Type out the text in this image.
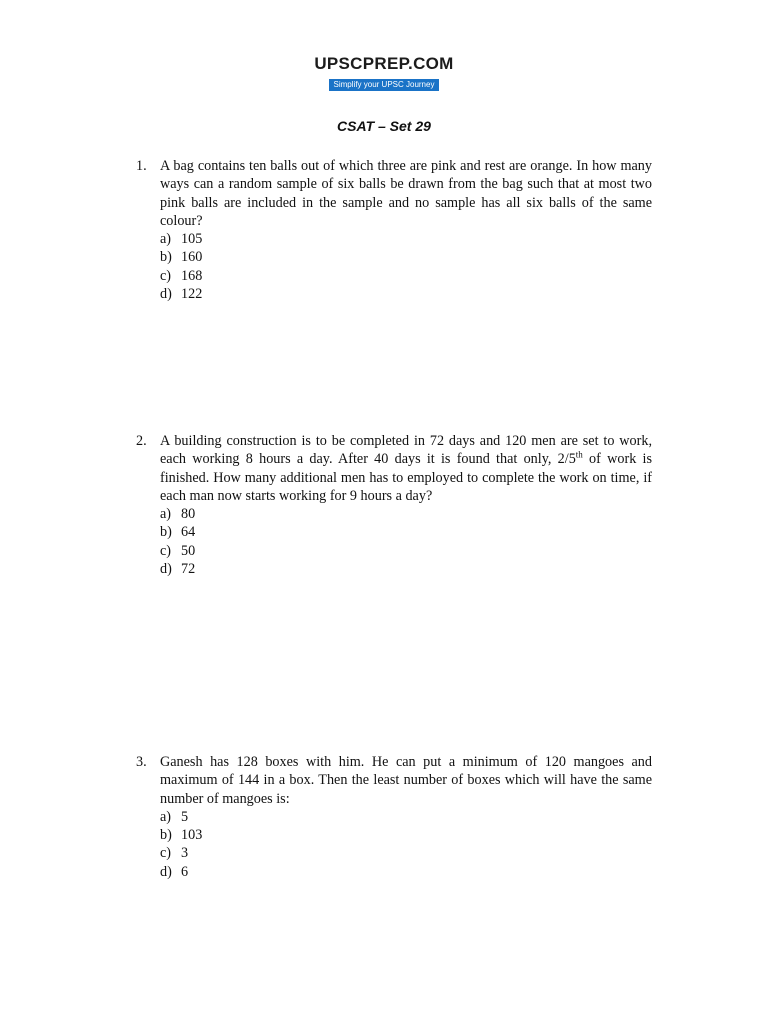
UPSCPREP.COM
Simplify your UPSC Journey
CSAT – Set 29
1. A bag contains ten balls out of which three are pink and rest are orange. In how many ways can a random sample of six balls be drawn from the bag such that at most two pink balls are included in the sample and no sample has all six balls of the same colour?
a) 105
b) 160
c) 168
d) 122
2. A building construction is to be completed in 72 days and 120 men are set to work, each working 8 hours a day. After 40 days it is found that only, 2/5th of work is finished. How many additional men has to employed to complete the work on time, if each man now starts working for 9 hours a day?
a) 80
b) 64
c) 50
d) 72
3. Ganesh has 128 boxes with him. He can put a minimum of 120 mangoes and maximum of 144 in a box. Then the least number of boxes which will have the same number of mangoes is:
a) 5
b) 103
c) 3
d) 6
